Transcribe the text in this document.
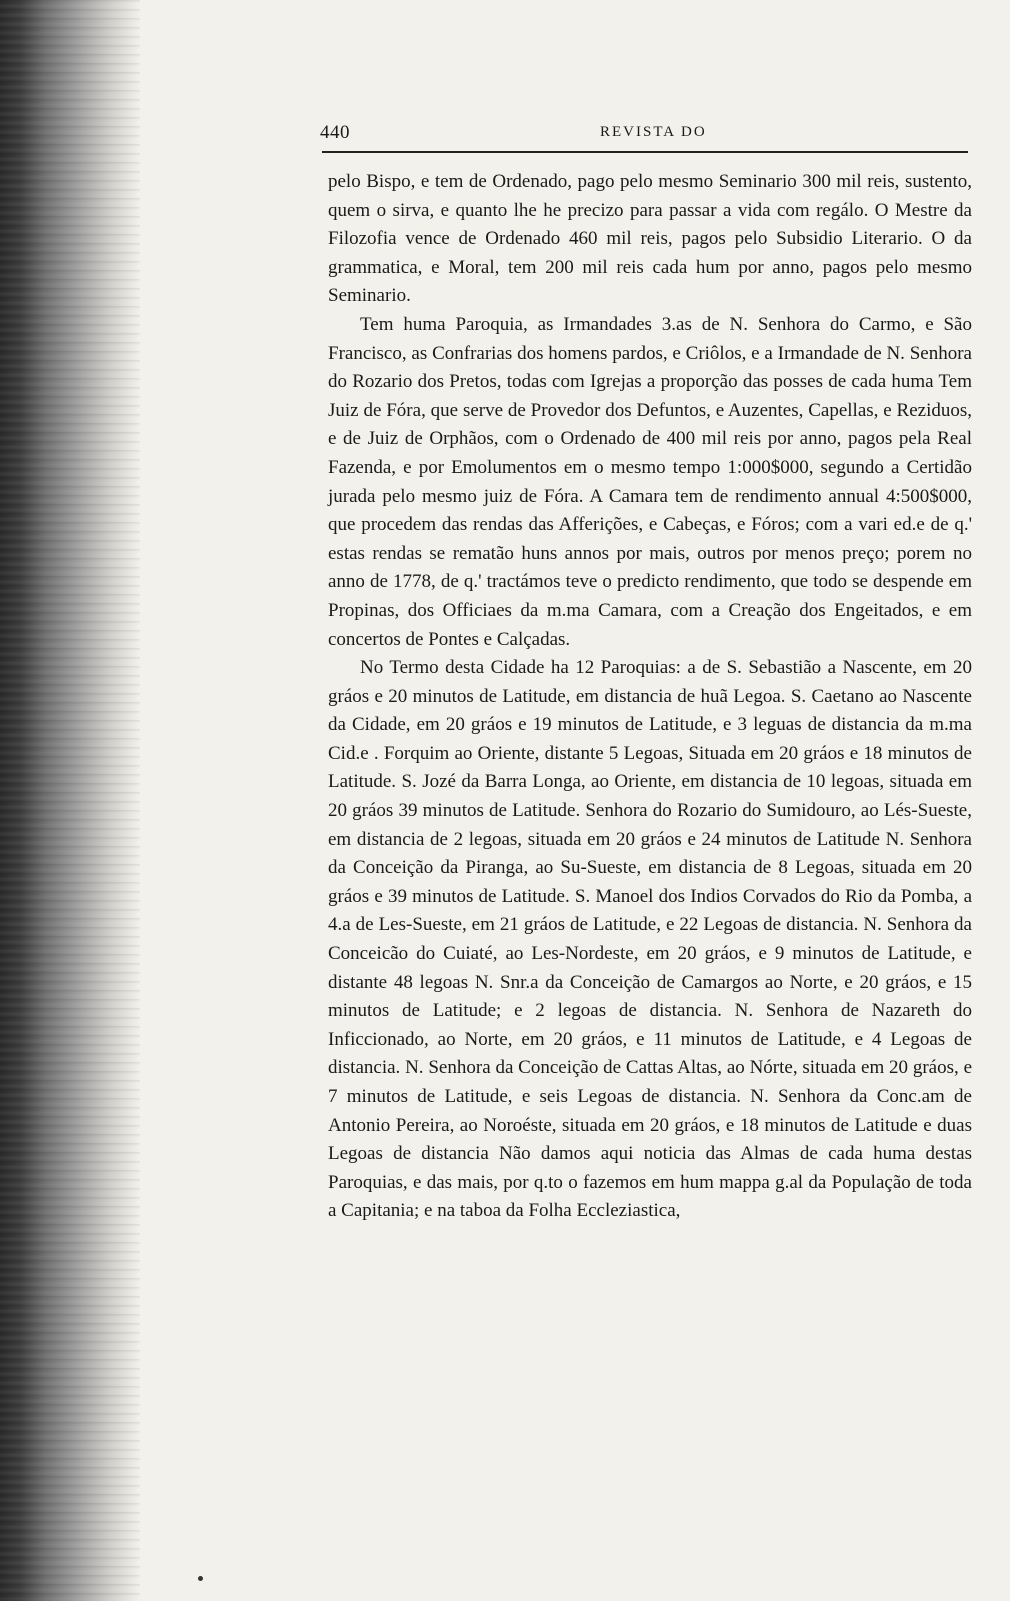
440	REVISTA DO

pelo Bispo, e tem de Ordenado, pago pelo mesmo Seminario 300 mil reis, sustento, quem o sirva, e quanto lhe he precizo para passar a vida com regálo. O Mestre da Filozofia vence de Ordenado 460 mil reis, pagos pelo Subsidio Literario. O da grammatica, e Moral, tem 200 mil reis cada hum por anno, pagos pelo mesmo Seminario.

Tem huma Paroquia, as Irmandades 3.as de N. Senhora do Carmo, e São Francisco, as Confrarias dos homens pardos, e Criôlos, e a Irmandade de N. Senhora do Rozario dos Pretos, todas com Igrejas a proporção das posses de cada huma Tem Juiz de Fóra, que serve de Provedor dos Defuntos, e Auzentes, Capellas, e Reziduos, e de Juiz de Orphãos, com o Ordenado de 400 mil reis por anno, pagos pela Real Fazenda, e por Emolumentos em o mesmo tempo 1:000$000, segundo a Certidão jurada pelo mesmo juiz de Fóra. A Camara tem de rendimento annual 4:500$000, que procedem das rendas das Afferições, e Cabeças, e Fóros; com a vari ed.e de q.' estas rendas se rematão huns annos por mais, outros por menos preço; porem no anno de 1778, de q.' tractámos teve o predicto rendimento, que todo se despende em Propinas, dos Officiaes da m.ma Camara, com a Creação dos Engeitados, e em concertos de Pontes e Calçadas.

No Termo desta Cidade ha 12 Paroquias: a de S. Sebastião a Nascente, em 20 gráos e 20 minutos de Latitude, em distancia de huã Legoa. S. Caetano ao Nascente da Cidade, em 20 gráos e 19 minutos de Latitude, e 3 leguas de distancia da m.ma Cid.e . Forquim ao Oriente, distante 5 Legoas, Situada em 20 gráos e 18 minutos de Latitude. S. Jozé da Barra Longa, ao Oriente, em distancia de 10 legoas, situada em 20 gráos 39 minutos de Latitude. Senhora do Rozario do Sumidouro, ao Lés-Sueste, em distancia de 2 legoas, situada em 20 gráos e 24 minutos de Latitude N. Senhora da Conceição da Piranga, ao Su-Sueste, em distancia de 8 Legoas, situada em 20 gráos e 39 minutos de Latitude. S. Manoel dos Indios Corvados do Rio da Pomba, a 4.a de Les-Sueste, em 21 gráos de Latitude, e 22 Legoas de distancia. N. Senhora da Conceicão do Cuiaté, ao Les-Nordeste, em 20 gráos, e 9 minutos de Latitude, e distante 48 legoas N. Snr.a da Conceição de Camargos ao Norte, e 20 gráos, e 15 minutos de Latitude; e 2 legoas de distancia. N. Senhora de Nazareth do Inficcionado, ao Norte, em 20 gráos, e 11 minutos de Latitude, e 4 Legoas de distancia. N. Senhora da Conceição de Cattas Altas, ao Nórte, situada em 20 gráos, e 7 minutos de Latitude, e seis Legoas de distancia. N. Senhora da Conc.am de Antonio Pereira, ao Noroéste, situada em 20 gráos, e 18 minutos de Latitude e duas Legoas de distancia Não damos aqui noticia das Almas de cada huma destas Paroquias, e das mais, por q.to o fazemos em hum mappa g.al da População de toda a Capitania; e na taboa da Folha Eccleziastica,
